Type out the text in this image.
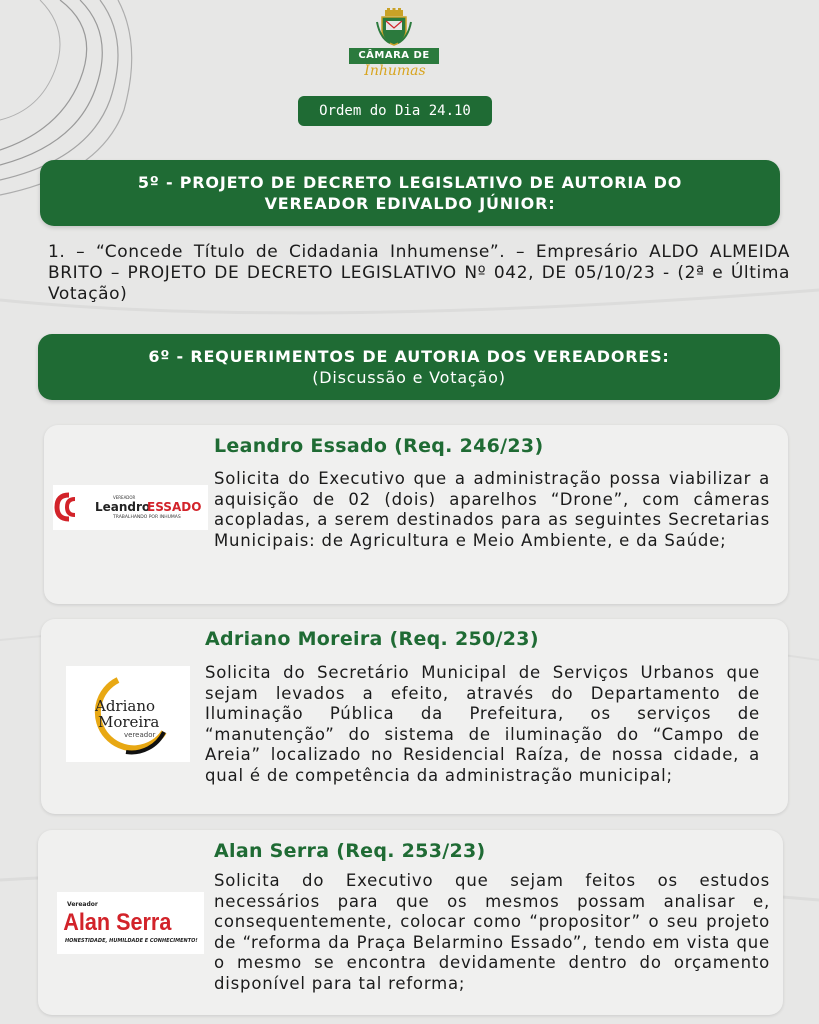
CÂMARA DE
Inhumas
Ordem do Dia 24.10
5º - PROJETO DE DECRETO LEGISLATIVO DE AUTORIA DO VEREADOR EDIVALDO JÚNIOR:
1. – “Concede Título de Cidadania Inhumense”. – Empresário ALDO ALMEIDA BRITO – PROJETO DE DECRETO LEGISLATIVO Nº 042, DE 05/10/23 - (2ª e Última Votação)
6º - REQUERIMENTOS DE AUTORIA DOS VEREADORES:
(Discussão e Votação)
Leandro Essado (Req. 246/23)
VEREADOR
Leandro
ESSADO
TRABALHANDO POR INHUMAS
Solicita do Executivo que a administração possa viabilizar a aquisição de 02 (dois) aparelhos “Drone”, com câmeras acopladas, a serem destinados para as seguintes Secretarias Municipais: de Agricultura e Meio Ambiente, e da Saúde;
Adriano Moreira (Req. 250/23)
Adriano
Moreira
vereador
Solicita do Secretário Municipal de Serviços Urbanos que sejam levados a efeito, através do Departamento de Iluminação Pública da Prefeitura, os serviços de “manutenção” do sistema de iluminação do “Campo de Areia” localizado no Residencial Raíza, de nossa cidade, a qual é de competência da administração municipal;
Alan Serra (Req. 253/23)
Vereador
Alan Serra
HONESTIDADE, HUMILDADE E CONHECIMENTO!
Solicita do Executivo que sejam feitos os estudos necessários para que os mesmos possam analisar e, consequentemente, colocar como “propositor” o seu projeto de “reforma da Praça Belarmino Essado”, tendo em vista que o mesmo se encontra devidamente dentro do orçamento disponível para tal reforma;
